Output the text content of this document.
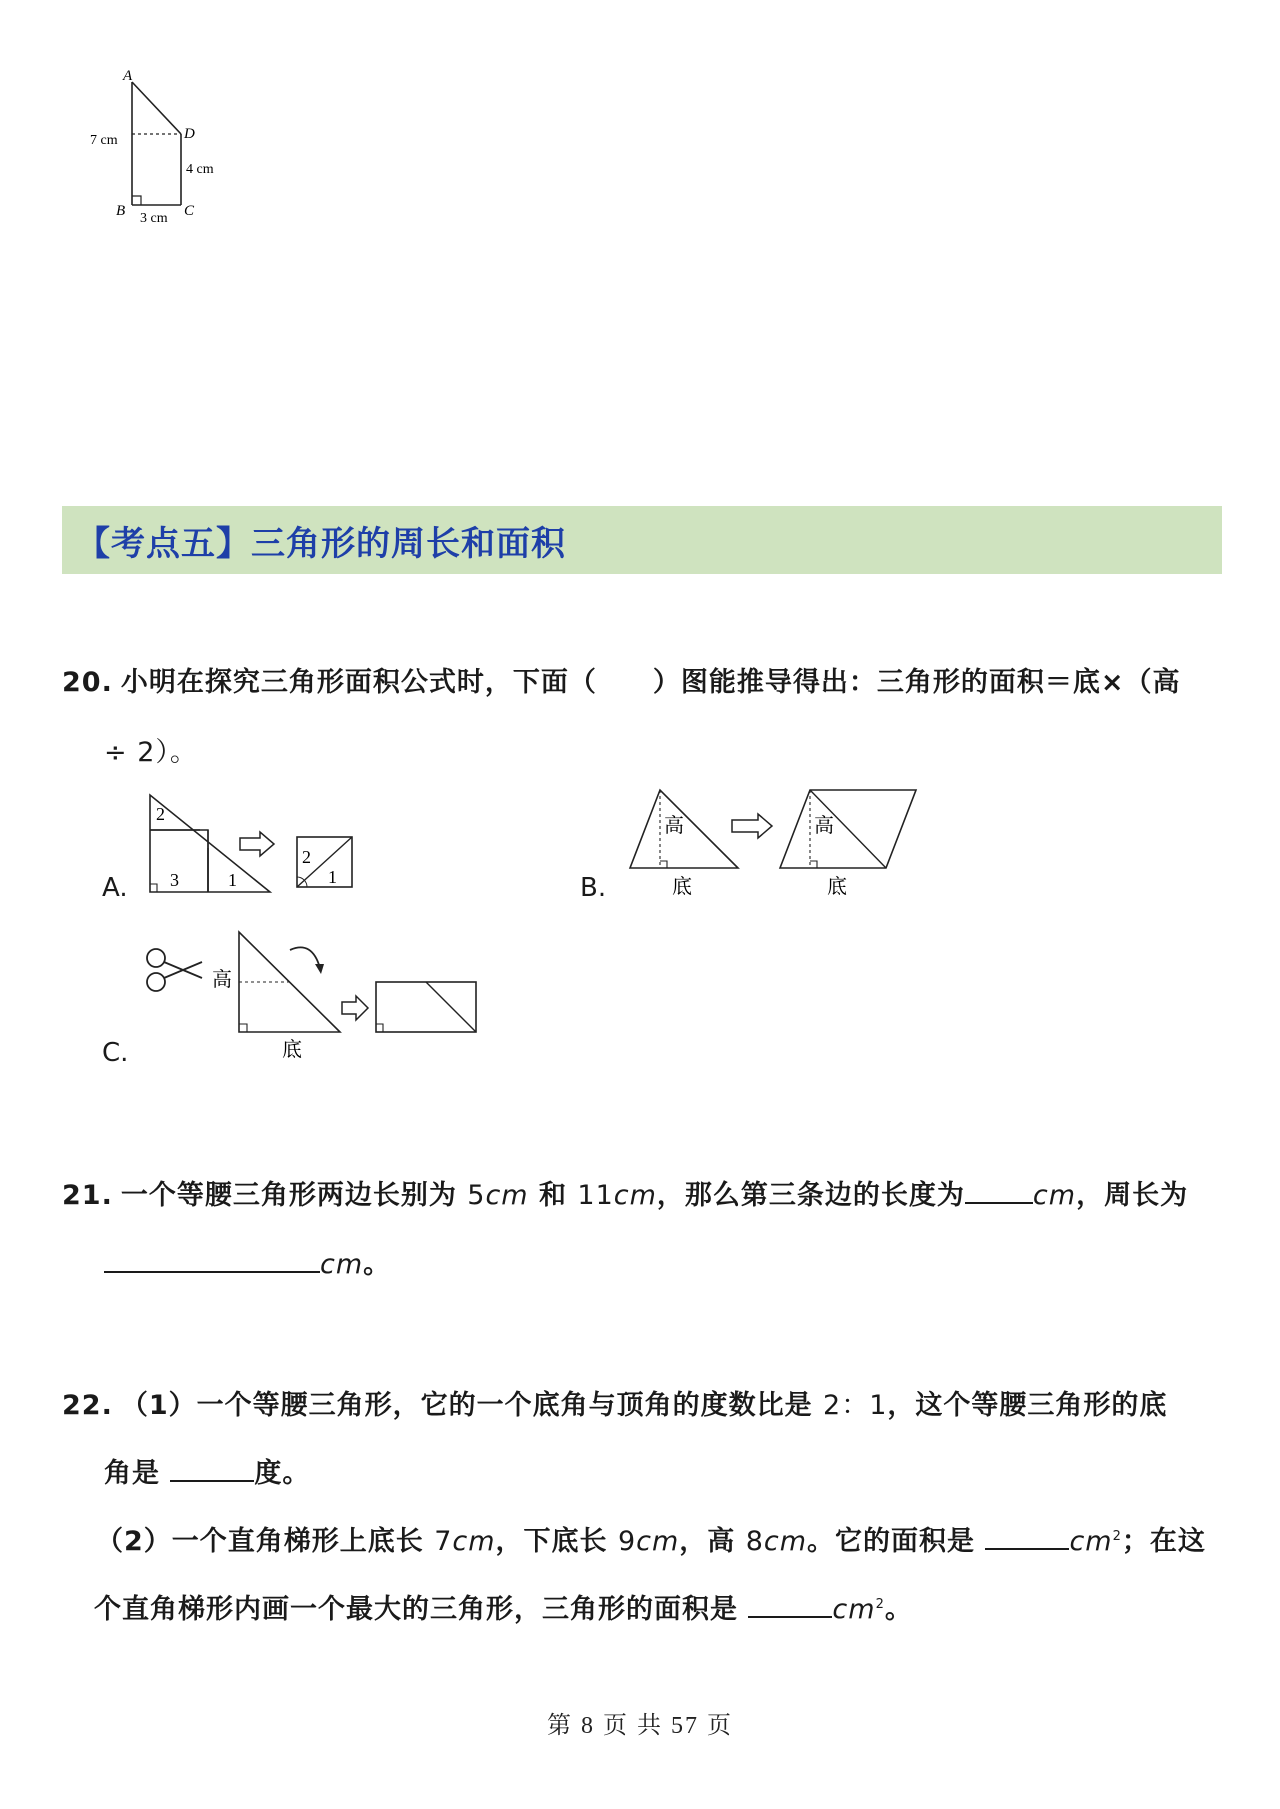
A
D
B	C
7 cm
4 cm
3 cm
【考点五】三角形的周长和面积
20. 小明在探究三角形面积公式时，下面（　　）图能推导得出：三角形的面积＝底×（高
÷ 2）。
A.
2
3	1
2
1	B.
高
底
高
底
C.
高
底
21. 一个等腰三角形两边长别为 5cm 和 11cm，那么第三条边的长度为	cm，周长为
cm。
22. （1）一个等腰三角形，它的一个底角与顶角的度数比是 2：1，这个等腰三角形的底
角是	度。
（2）一个直角梯形上底长 7cm，下底长 9cm，高 8cm。它的面积是	$cm^2$；在这
个直角梯形内画一个最大的三角形，三角形的面积是	$cm^2$。
第 8 页 共 57 页
